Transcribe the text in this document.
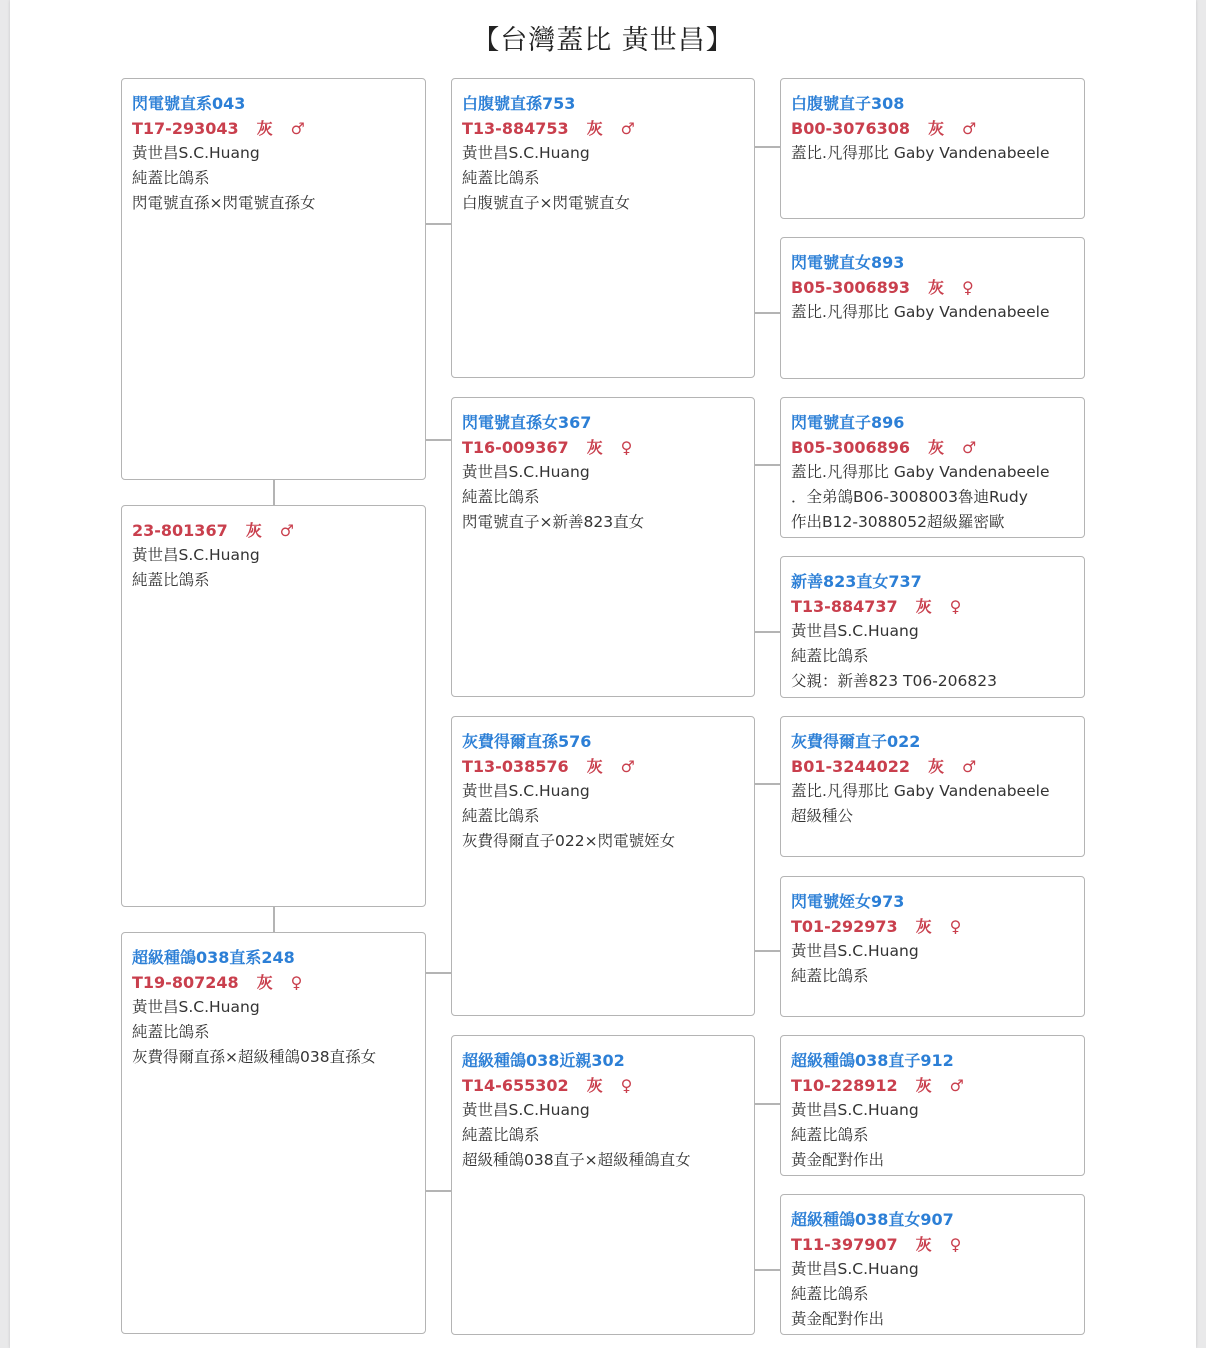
【台灣蓋比 黃世昌】
閃電號直系043
T17-293043 灰 ♂
黃世昌S.C.Huang
純蓋比鴿系
閃電號直孫×閃電號直孫女
23-801367 灰 ♂
黃世昌S.C.Huang
純蓋比鴿系
超級種鴿038直系248
T19-807248 灰 ♀
黃世昌S.C.Huang
純蓋比鴿系
灰費得爾直孫×超級種鴿038直孫女
白腹號直孫753
T13-884753 灰 ♂
黃世昌S.C.Huang
純蓋比鴿系
白腹號直子×閃電號直女
閃電號直孫女367
T16-009367 灰 ♀
黃世昌S.C.Huang
純蓋比鴿系
閃電號直子×新善823直女
灰費得爾直孫576
T13-038576 灰 ♂
黃世昌S.C.Huang
純蓋比鴿系
灰費得爾直子022×閃電號姪女
超級種鴿038近親302
T14-655302 灰 ♀
黃世昌S.C.Huang
純蓋比鴿系
超級種鴿038直子×超級種鴿直女
白腹號直子308
B00-3076308 灰 ♂
蓋比.凡得那比 Gaby Vandenabeele
閃電號直女893
B05-3006893 灰 ♀
蓋比.凡得那比 Gaby Vandenabeele
閃電號直子896
B05-3006896 灰 ♂
蓋比.凡得那比 Gaby Vandenabeele
．全弟鴿B06-3008003魯迪Rudy
作出B12-3088052超級羅密歐
新善823直女737
T13-884737 灰 ♀
黃世昌S.C.Huang
純蓋比鴿系
父親：新善823 T06-206823
灰費得爾直子022
B01-3244022 灰 ♂
蓋比.凡得那比 Gaby Vandenabeele
超級種公
閃電號姪女973
T01-292973 灰 ♀
黃世昌S.C.Huang
純蓋比鴿系
超級種鴿038直子912
T10-228912 灰 ♂
黃世昌S.C.Huang
純蓋比鴿系
黃金配對作出
超級種鴿038直女907
T11-397907 灰 ♀
黃世昌S.C.Huang
純蓋比鴿系
黃金配對作出
